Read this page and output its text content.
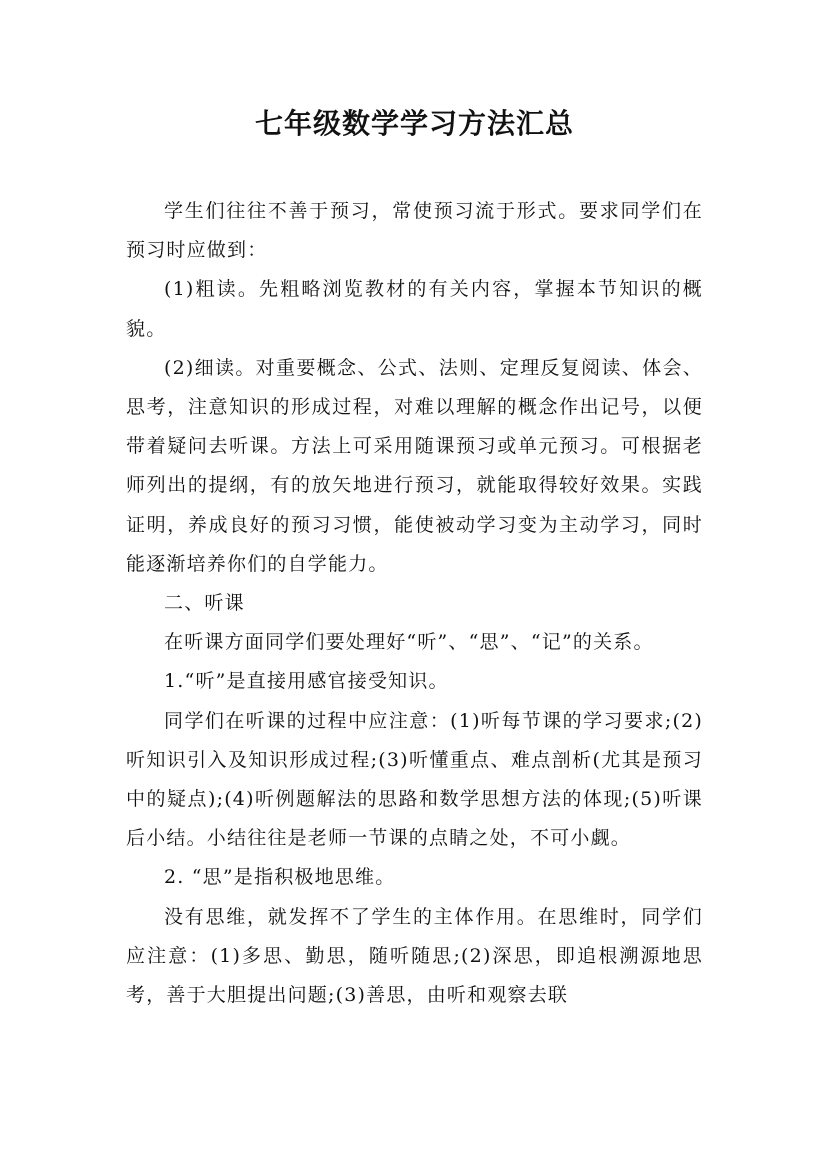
七年级数学学习方法汇总

学生们往往不善于预习，常使预习流于形式。要求同学们在预习时应做到：

(1)粗读。先粗略浏览教材的有关内容，掌握本节知识的概貌。

(2)细读。对重要概念、公式、法则、定理反复阅读、体会、思考，注意知识的形成过程，对难以理解的概念作出记号，以便带着疑问去听课。方法上可采用随课预习或单元预习。可根据老师列出的提纲，有的放矢地进行预习，就能取得较好效果。实践证明，养成良好的预习习惯，能使被动学习变为主动学习，同时能逐渐培养你们的自学能力。

二、听课

在听课方面同学们要处理好“听”、“思”、“记”的关系。

1.“听”是直接用感官接受知识。

同学们在听课的过程中应注意：(1)听每节课的学习要求;(2)听知识引入及知识形成过程;(3)听懂重点、难点剖析(尤其是预习中的疑点);(4)听例题解法的思路和数学思想方法的体现;(5)听课后小结。小结往往是老师一节课的点睛之处，不可小觑。

2. “思”是指积极地思维。

没有思维，就发挥不了学生的主体作用。在思维时，同学们应注意：(1)多思、勤思，随听随思;(2)深思，即追根溯源地思考，善于大胆提出问题;(3)善思，由听和观察去联
